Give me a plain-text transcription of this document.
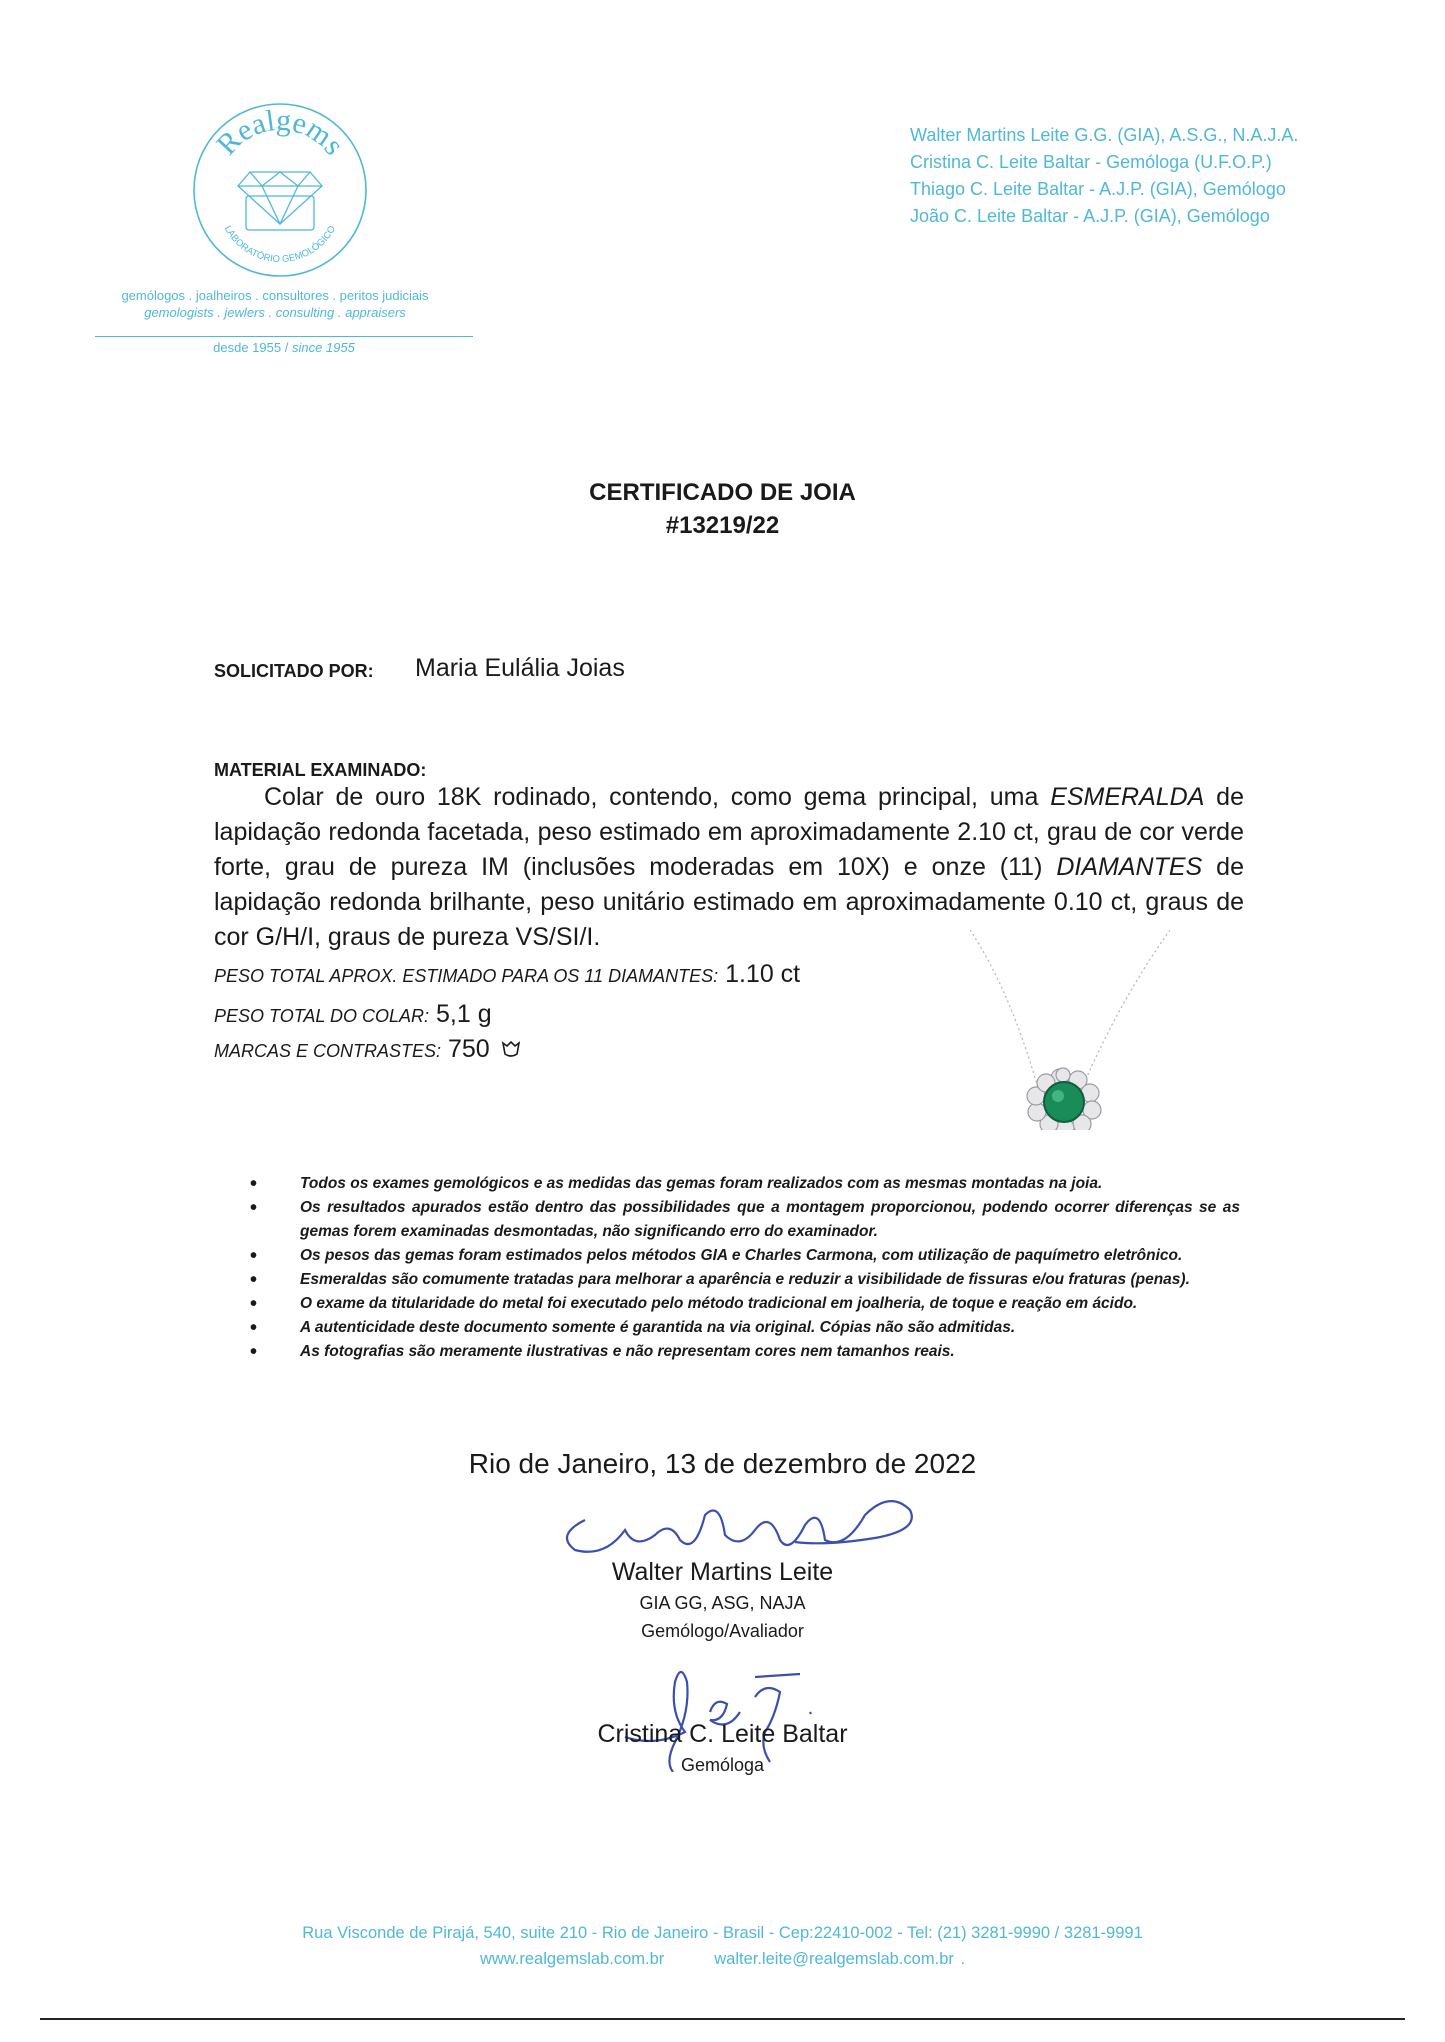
Realgems
LABORATÓRIO GEMOLÓGICO
gemólogos . joalheiros . consultores . peritos judiciais
gemologists . jewlers . consulting . appraisers
desde 1955 / since 1955
Walter Martins Leite G.G. (GIA), A.S.G., N.A.J.A.
Cristina C. Leite Baltar - Gemóloga (U.F.O.P.)
Thiago C. Leite Baltar - A.J.P. (GIA), Gemólogo
João C. Leite Baltar - A.J.P. (GIA), Gemólogo
CERTIFICADO DE JOIA
#13219/22
SOLICITADO POR: Maria Eulália Joias
MATERIAL EXAMINADO:
Colar de ouro 18K rodinado, contendo, como gema principal, uma ESMERALDA de lapidação redonda facetada, peso estimado em aproximadamente 2.10 ct, grau de cor verde forte, grau de pureza IM (inclusões moderadas em 10X) e onze (11) DIAMANTES de lapidação redonda brilhante, peso unitário estimado em aproximadamente 0.10 ct, graus de cor G/H/I, graus de pureza VS/SI/I.
PESO TOTAL APROX. ESTIMADO PARA OS 11 DIAMANTES: 1.10 ct
PESO TOTAL DO COLAR: 5,1 g
MARCAS E CONTRASTES: 750
• Todos os exames gemológicos e as medidas das gemas foram realizados com as mesmas montadas na joia.
• Os resultados apurados estão dentro das possibilidades que a montagem proporcionou, podendo ocorrer diferenças se as gemas forem examinadas desmontadas, não significando erro do examinador.
• Os pesos das gemas foram estimados pelos métodos GIA e Charles Carmona, com utilização de paquímetro eletrônico.
• Esmeraldas são comumente tratadas para melhorar a aparência e reduzir a visibilidade de fissuras e/ou fraturas (penas).
• O exame da titularidade do metal foi executado pelo método tradicional em joalheria, de toque e reação em ácido.
• A autenticidade deste documento somente é garantida na via original. Cópias não são admitidas.
• As fotografias são meramente ilustrativas e não representam cores nem tamanhos reais.
Rio de Janeiro, 13 de dezembro de 2022
Walter Martins Leite
GIA GG, ASG, NAJA
Gemólogo/Avaliador
Cristina C. Leite Baltar
Gemóloga
Rua Visconde de Pirajá, 540, suite 210 - Rio de Janeiro - Brasil - Cep:22410-002 - Tel: (21) 3281-9990 / 3281-9991
www.realgemslab.com.br	walter.leite@realgemslab.com.br .
